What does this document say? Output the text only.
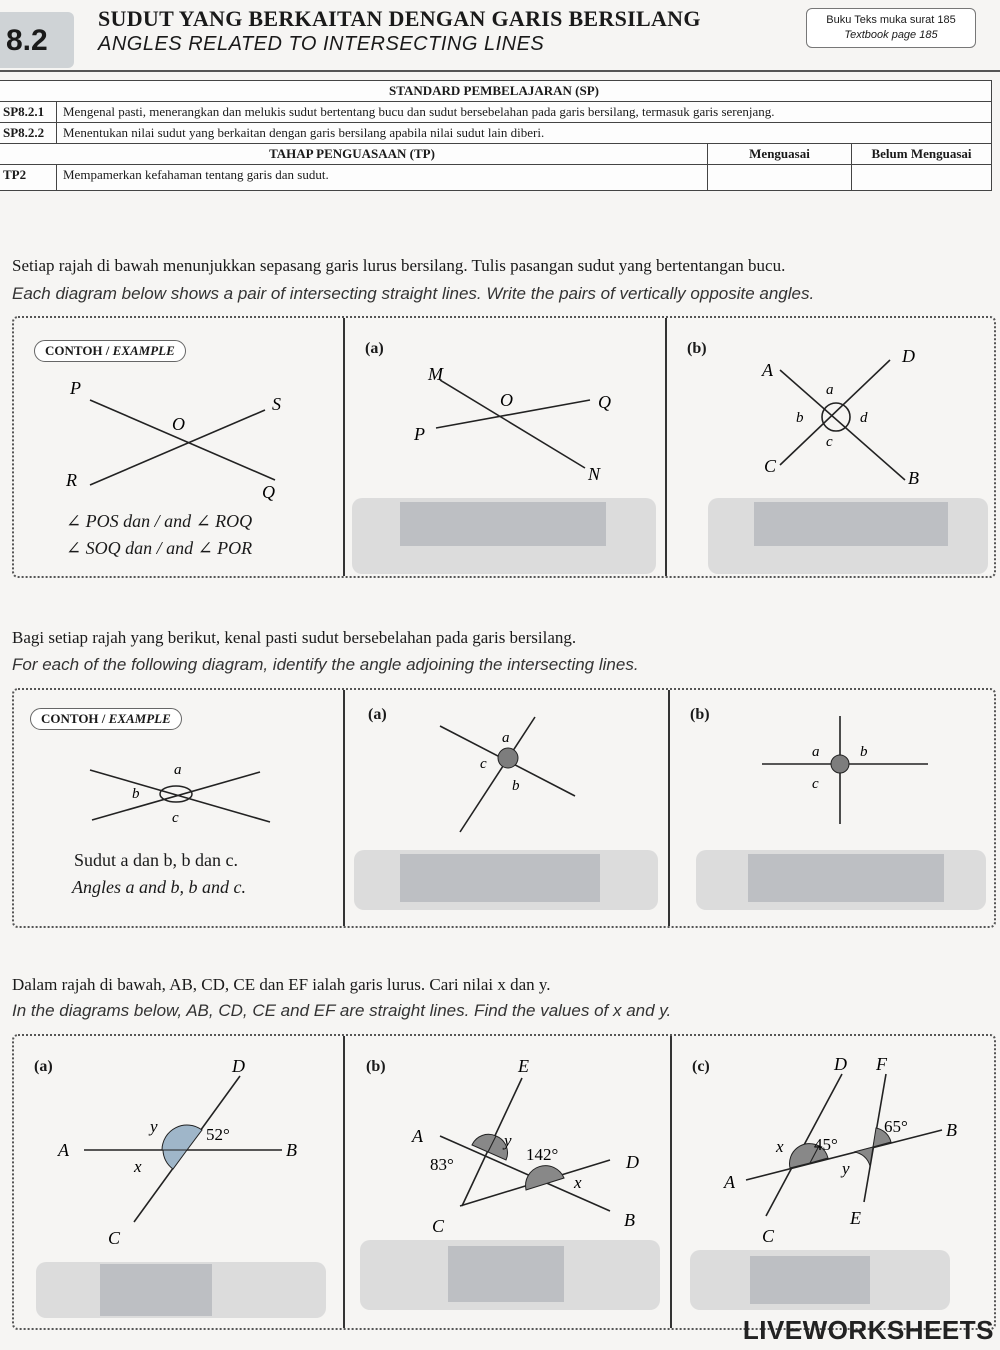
8.2
SUDUT YANG BERKAITAN DENGAN GARIS BERSILANG
ANGLES RELATED TO INTERSECTING LINES
Buku Teks muka surat 185
Textbook page 185
STANDARD PEMBELAJARAN (SP)			
SP8.2.1	Mengenal pasti, menerangkan dan melukis sudut bertentang bucu dan sudut bersebelahan pada garis bersilang, termasuk garis serenjang.		
SP8.2.2	Menentukan nilai sudut yang berkaitan dengan garis bersilang apabila nilai sudut lain diberi.		
TAHAP PENGUASAAN (TP)		Menguasai	Belum Menguasai
TP2	Mempamerkan kefahaman tentang garis dan sudut.		
Setiap rajah di bawah menunjukkan sepasang garis lurus bersilang. Tulis pasangan sudut yang bertentangan bucu.
Each diagram below shows a pair of intersecting straight lines. Write the pairs of vertically opposite angles.
CONTOH / EXAMPLE
P
S
O
R
Q
∠ POS dan / and ∠ ROQ
∠ SOQ dan / and ∠ POR
(a)
M
O	Q
P
N
(b)
A
D
C
B
a
b
c
d
Bagi setiap rajah yang berikut, kenal pasti sudut bersebelahan pada garis bersilang.
For each of the following diagram, identify the angle adjoining the intersecting lines.
CONTOH / EXAMPLE
a
b
c
Sudut a dan b, b dan c.
Angles a and b, b and c.
(a)
a
c
b
(b)
a	b
c
Dalam rajah di bawah, AB, CD, CE dan EF ialah garis lurus. Cari nilai x dan y.
In the diagrams below, AB, CD, CE and EF are straight lines. Find the values of x and y.
(a)	D
A	B
C
y
x
52°
(b)	E
A
D
C	B
y
x
83°
142°
(c)	D F
B
A
C
E
x
y
65°
45°
LIVEWORKSHEETS
